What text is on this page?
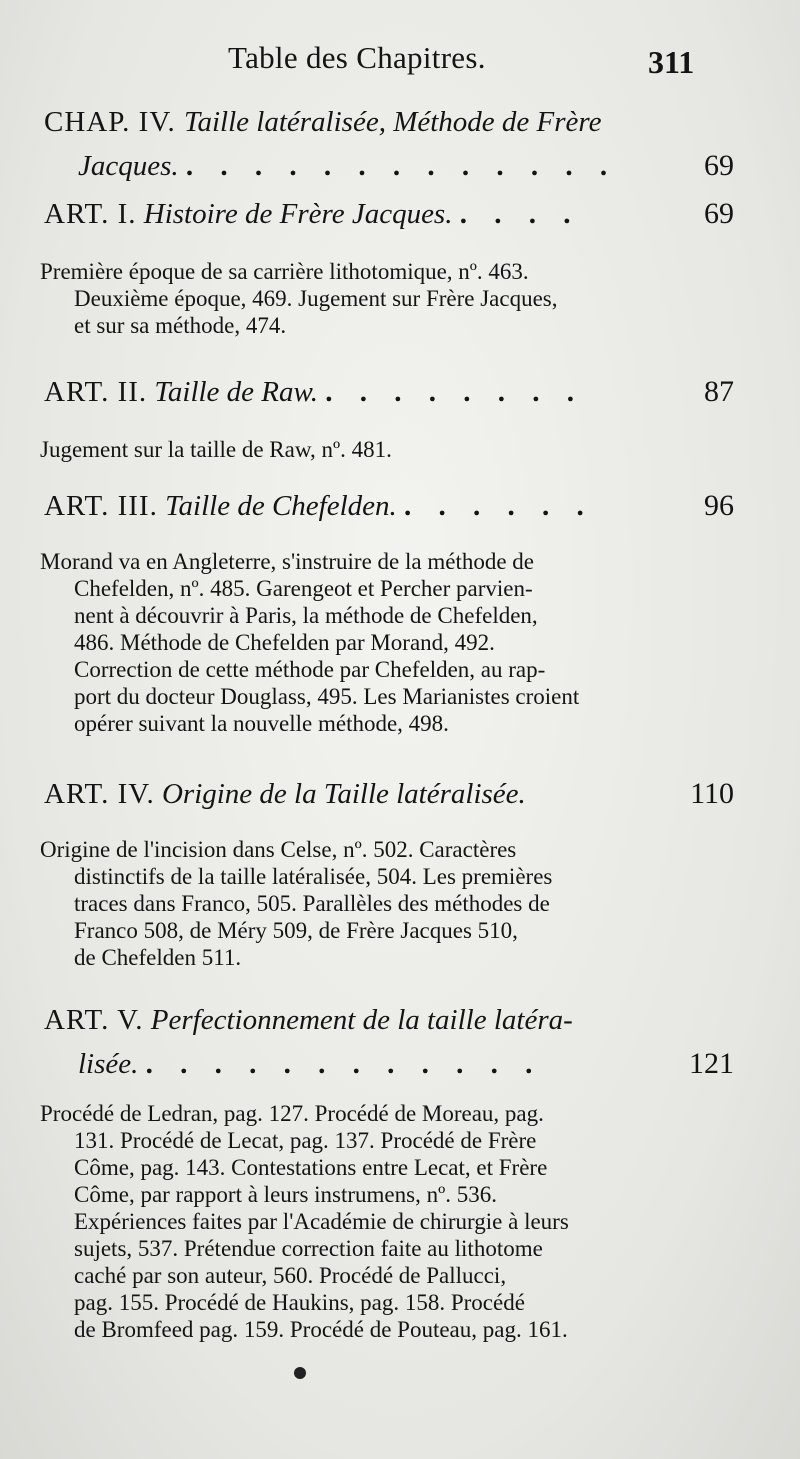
Table des Chapitres.	311
CHAP. IV. Taille latéralisée, Méthode de Frère
Jacques. . . . . . . . . . . . . .	69
ART. I. Histoire de Frère Jacques. . . . .	69
Première époque de sa carrière lithotomique, nº. 463.
Deuxième époque, 469. Jugement sur Frère Jacques,
et sur sa méthode, 474.
ART. II. Taille de Raw. . . . . . . . .	87
Jugement sur la taille de Raw, nº. 481.
ART. III. Taille de Chefelden. . . . . . .	96
Morand va en Angleterre, s'instruire de la méthode de
Chefelden, nº. 485. Garengeot et Percher parvien-
nent à découvrir à Paris, la méthode de Chefelden,
486. Méthode de Chefelden par Morand, 492.
Correction de cette méthode par Chefelden, au rap-
port du docteur Douglass, 495. Les Marianistes croient
opérer suivant la nouvelle méthode, 498.
ART. IV. Origine de la Taille latéralisée.	110
Origine de l'incision dans Celse, nº. 502. Caractères
distinctifs de la taille latéralisée, 504. Les premières
traces dans Franco, 505. Parallèles des méthodes de
Franco 508, de Méry 509, de Frère Jacques 510,
de Chefelden 511.
ART. V. Perfectionnement de la taille latéra-
lisée. . . . . . . . . . . . .	121
Procédé de Ledran, pag. 127. Procédé de Moreau, pag.
131. Procédé de Lecat, pag. 137. Procédé de Frère
Côme, pag. 143. Contestations entre Lecat, et Frère
Côme, par rapport à leurs instrumens, nº. 536.
Expériences faites par l'Académie de chirurgie à leurs
sujets, 537. Prétendue correction faite au lithotome
caché par son auteur, 560. Procédé de Pallucci,
pag. 155. Procédé de Haukins, pag. 158. Procédé
de Bromfeed pag. 159. Procédé de Pouteau, pag. 161.
